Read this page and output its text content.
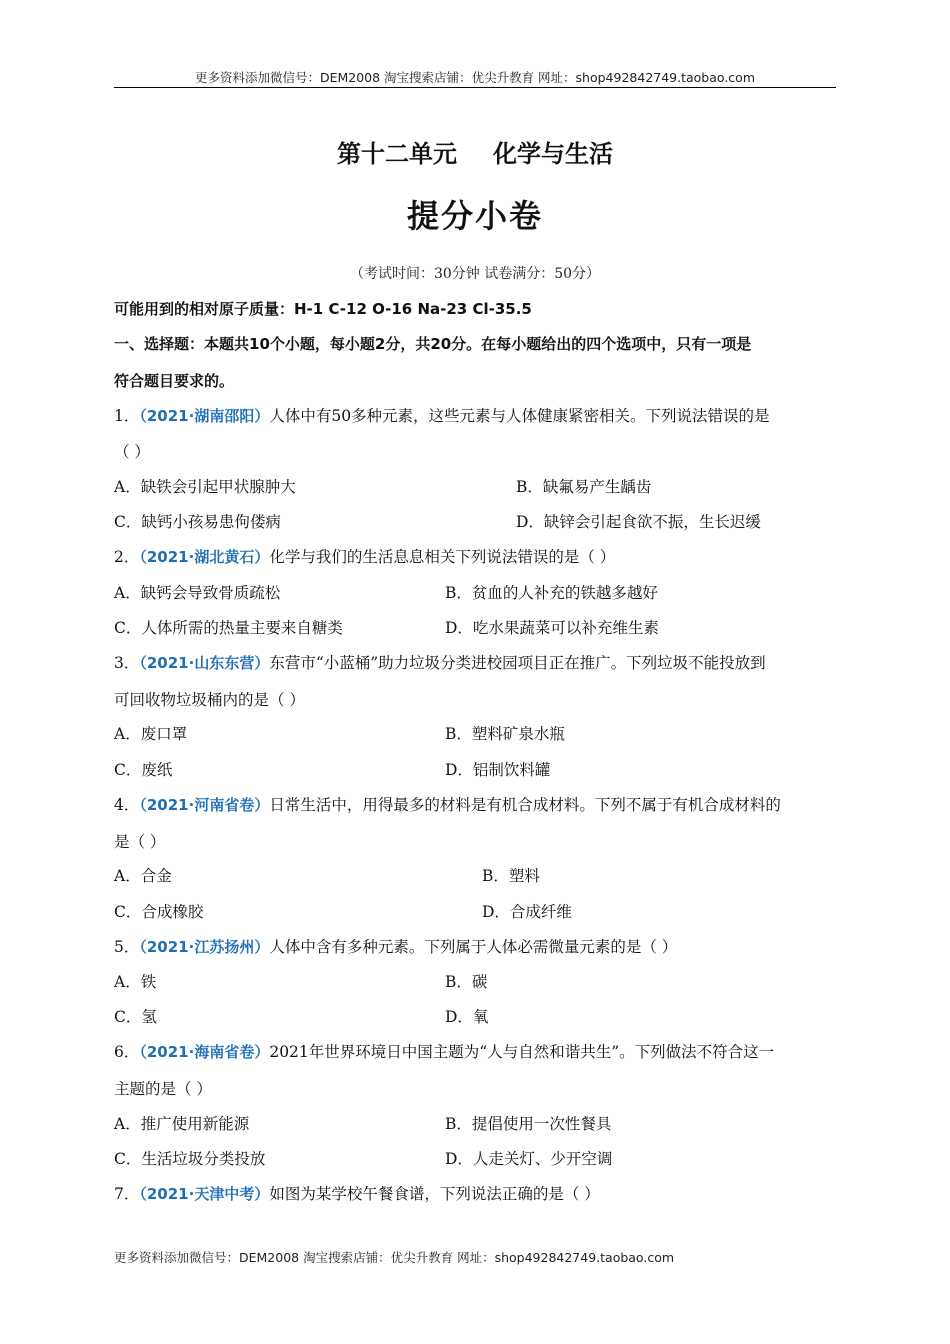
更多资料添加微信号：DEM2008 淘宝搜索店铺：优尖升教育 网址：shop492842749.taobao.com
第十二单元 化学与生活
提分小卷
（考试时间：30分钟 试卷满分：50分）
可能用到的相对原子质量：H-1 C-12 O-16 Na-23 Cl-35.5
一、选择题：本题共10个小题，每小题2分，共20分。在每小题给出的四个选项中，只有一项是
符合题目要求的。
1．（2021·湖南邵阳）人体中有50多种元素，这些元素与人体健康紧密相关。下列说法错误的是
（ ）
A．缺铁会引起甲状腺肿大	B．缺氟易产生龋齿
C．缺钙小孩易患佝偻病	D．缺锌会引起食欲不振，生长迟缓
2．（2021·湖北黄石）化学与我们的生活息息相关下列说法错误的是（ ）
A．缺钙会导致骨质疏松	B．贫血的人补充的铁越多越好
C．人体所需的热量主要来自糖类	D．吃水果蔬菜可以补充维生素
3．（2021·山东东营）东营市“小蓝桶”助力垃圾分类进校园项目正在推广。下列垃圾不能投放到
可回收物垃圾桶内的是（ ）
A．废口罩	B．塑料矿泉水瓶
C．废纸	D．铝制饮料罐
4．（2021·河南省卷）日常生活中，用得最多的材料是有机合成材料。下列不属于有机合成材料的
是（ ）
A．合金	B．塑料
C．合成橡胶	D．合成纤维
5．（2021·江苏扬州）人体中含有多种元素。下列属于人体必需微量元素的是（ ）
A．铁	B．碳
C．氢	D．氧
6．（2021·海南省卷）2021年世界环境日中国主题为“人与自然和谐共生”。下列做法不符合这一
主题的是（ ）
A．推广使用新能源	B．提倡使用一次性餐具
C．生活垃圾分类投放	D．人走关灯、少开空调
7．（2021·天津中考）如图为某学校午餐食谱，下列说法正确的是（ ）
更多资料添加微信号：DEM2008 淘宝搜索店铺：优尖升教育 网址：shop492842749.taobao.com
